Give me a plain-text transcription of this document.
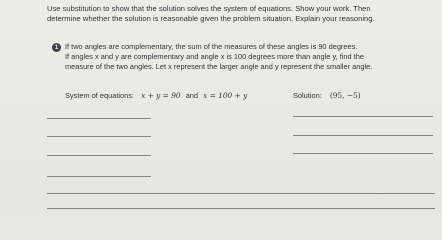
Use substitution to show that the solution solves the system of equations. Show your work. Then
determine whether the solution is reasonable given the problem situation. Explain your reasoning.
1 If two angles are complementary, the sum of the measures of these angles is 90 degrees.
If angles x and y are complementary and angle x is 100 degrees more than angle y, find the
measure of the two angles. Let x represent the larger angle and y represent the smaller angle.
System of equations: x + y = 90 and x = 100 + y	Solution: (95, −5)
